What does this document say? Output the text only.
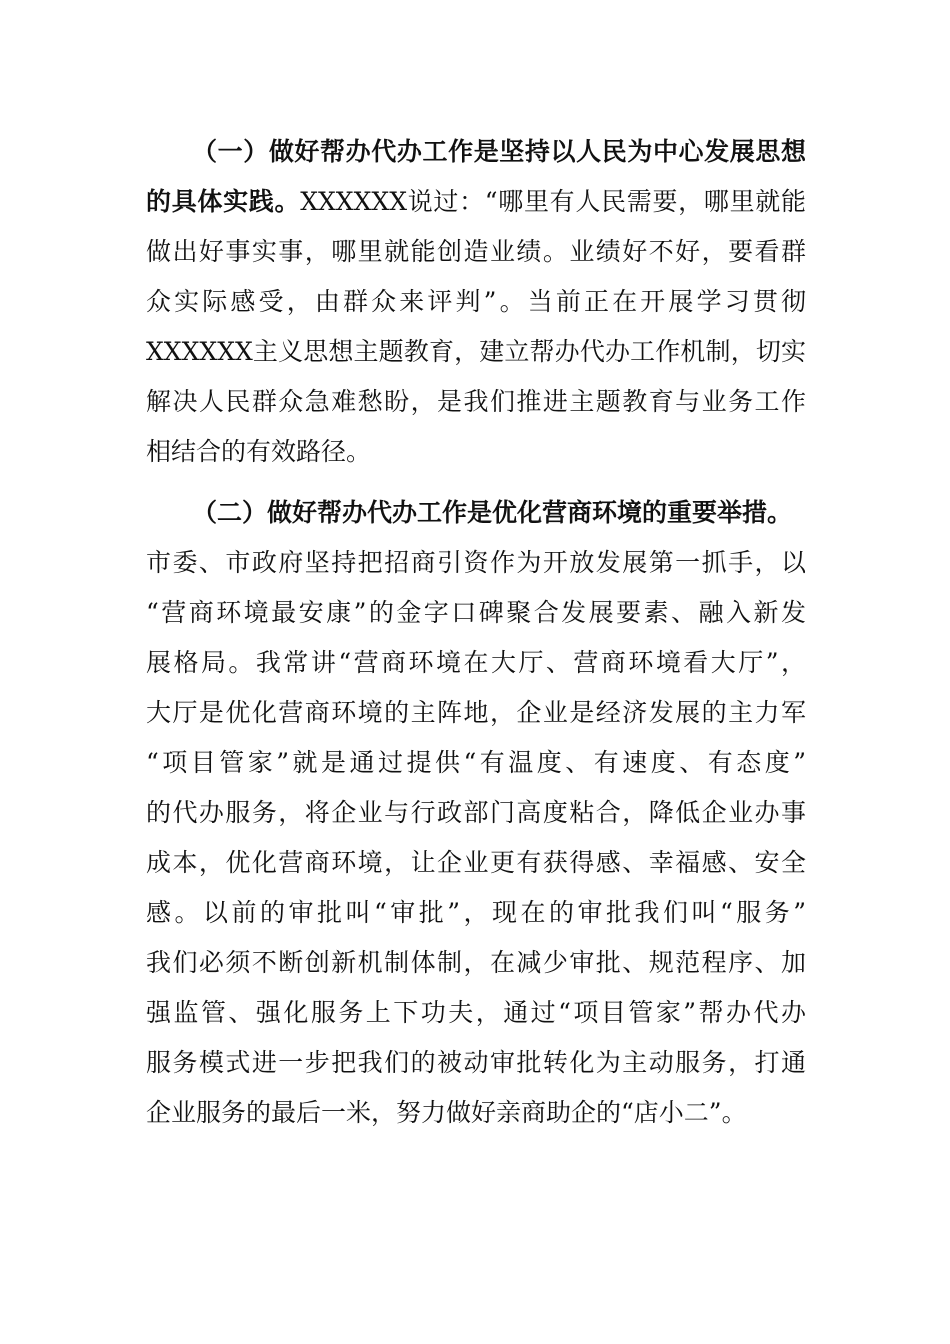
（一）做好帮办代办工作是坚持以人民为中心发展思想
的具体实践。XXXXXX说过：“哪里有人民需要，哪里就能
做出好事实事，哪里就能创造业绩。业绩好不好，要看群
众实际感受，由群众来评判”。当前正在开展学习贯彻
XXXXXX主义思想主题教育，建立帮办代办工作机制，切实
解决人民群众急难愁盼，是我们推进主题教育与业务工作
相结合的有效路径。
（二）做好帮办代办工作是优化营商环境的重要举措。
市委、市政府坚持把招商引资作为开放发展第一抓手，以
“营商环境最安康”的金字口碑聚合发展要素、融入新发
展格局。我常讲“营商环境在大厅、营商环境看大厅”，
大厅是优化营商环境的主阵地，企业是经济发展的主力军
“项目管家”就是通过提供“有温度、有速度、有态度”
的代办服务，将企业与行政部门高度粘合，降低企业办事
成本，优化营商环境，让企业更有获得感、幸福感、安全
感。以前的审批叫“审批”，现在的审批我们叫“服务”
我们必须不断创新机制体制，在减少审批、规范程序、加
强监管、强化服务上下功夫，通过“项目管家”帮办代办
服务模式进一步把我们的被动审批转化为主动服务，打通
企业服务的最后一米，努力做好亲商助企的“店小二”。
